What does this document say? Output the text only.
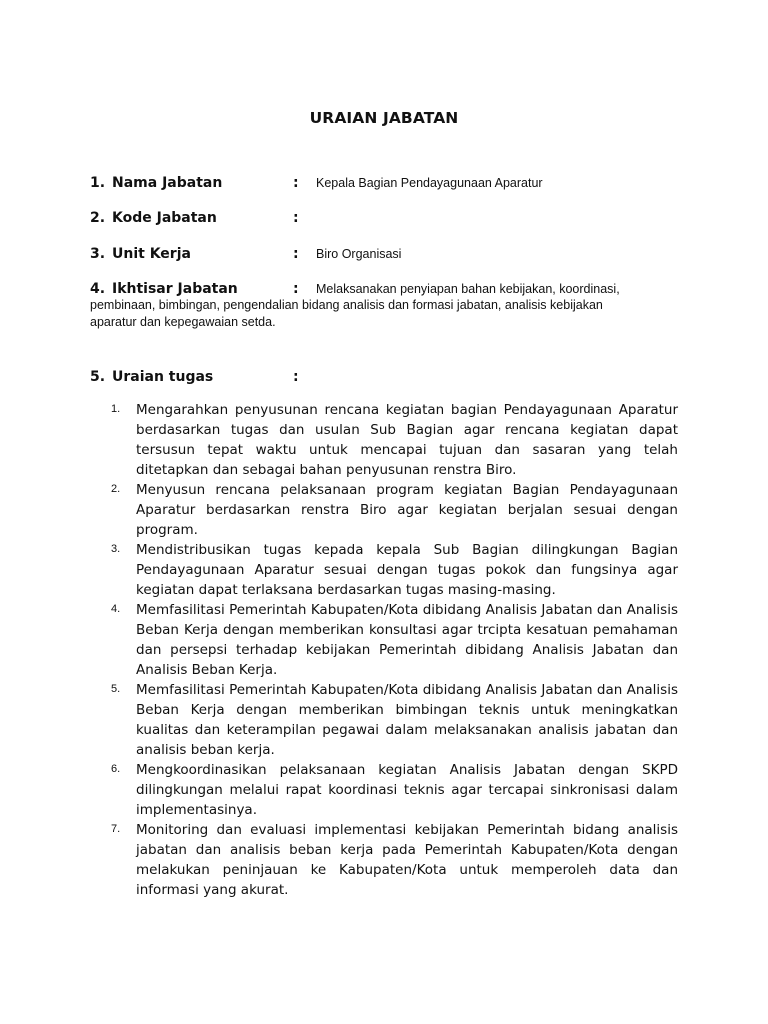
URAIAN JABATAN
1. Nama Jabatan	: Kepala Bagian Pendayagunaan Aparatur
2. Kode Jabatan	:
3. Unit Kerja	: Biro Organisasi
4. Ikhtisar Jabatan	: Melaksanakan penyiapan bahan kebijakan, koordinasi,
pembinaan, bimbingan, pengendalian bidang analisis dan formasi jabatan, analisis kebijakan
aparatur dan kepegawaian setda.
5. Uraian tugas	:
1. Mengarahkan penyusunan rencana kegiatan bagian Pendayagunaan Aparatur berdasarkan tugas dan usulan Sub Bagian agar rencana kegiatan dapat tersusun tepat waktu untuk mencapai tujuan dan sasaran yang telah ditetapkan dan sebagai bahan penyusunan renstra Biro.
2. Menyusun rencana pelaksanaan program kegiatan Bagian Pendayagunaan Aparatur berdasarkan renstra Biro agar kegiatan berjalan sesuai dengan program.
3. Mendistribusikan tugas kepada kepala Sub Bagian dilingkungan Bagian Pendayagunaan Aparatur sesuai dengan tugas pokok dan fungsinya agar kegiatan dapat terlaksana berdasarkan tugas masing-masing.
4. Memfasilitasi Pemerintah Kabupaten/Kota dibidang Analisis Jabatan dan Analisis Beban Kerja dengan memberikan konsultasi agar trcipta kesatuan pemahaman dan persepsi terhadap kebijakan Pemerintah dibidang Analisis Jabatan dan Analisis Beban Kerja.
5. Memfasilitasi Pemerintah Kabupaten/Kota dibidang Analisis Jabatan dan Analisis Beban Kerja dengan memberikan bimbingan teknis untuk meningkatkan kualitas dan keterampilan pegawai dalam melaksanakan analisis jabatan dan analisis beban kerja.
6. Mengkoordinasikan pelaksanaan kegiatan Analisis Jabatan dengan SKPD dilingkungan melalui rapat koordinasi teknis agar tercapai sinkronisasi dalam implementasinya.
7. Monitoring dan evaluasi implementasi kebijakan Pemerintah bidang analisis jabatan dan analisis beban kerja pada Pemerintah Kabupaten/Kota dengan melakukan peninjauan ke Kabupaten/Kota untuk memperoleh data dan informasi yang akurat.
